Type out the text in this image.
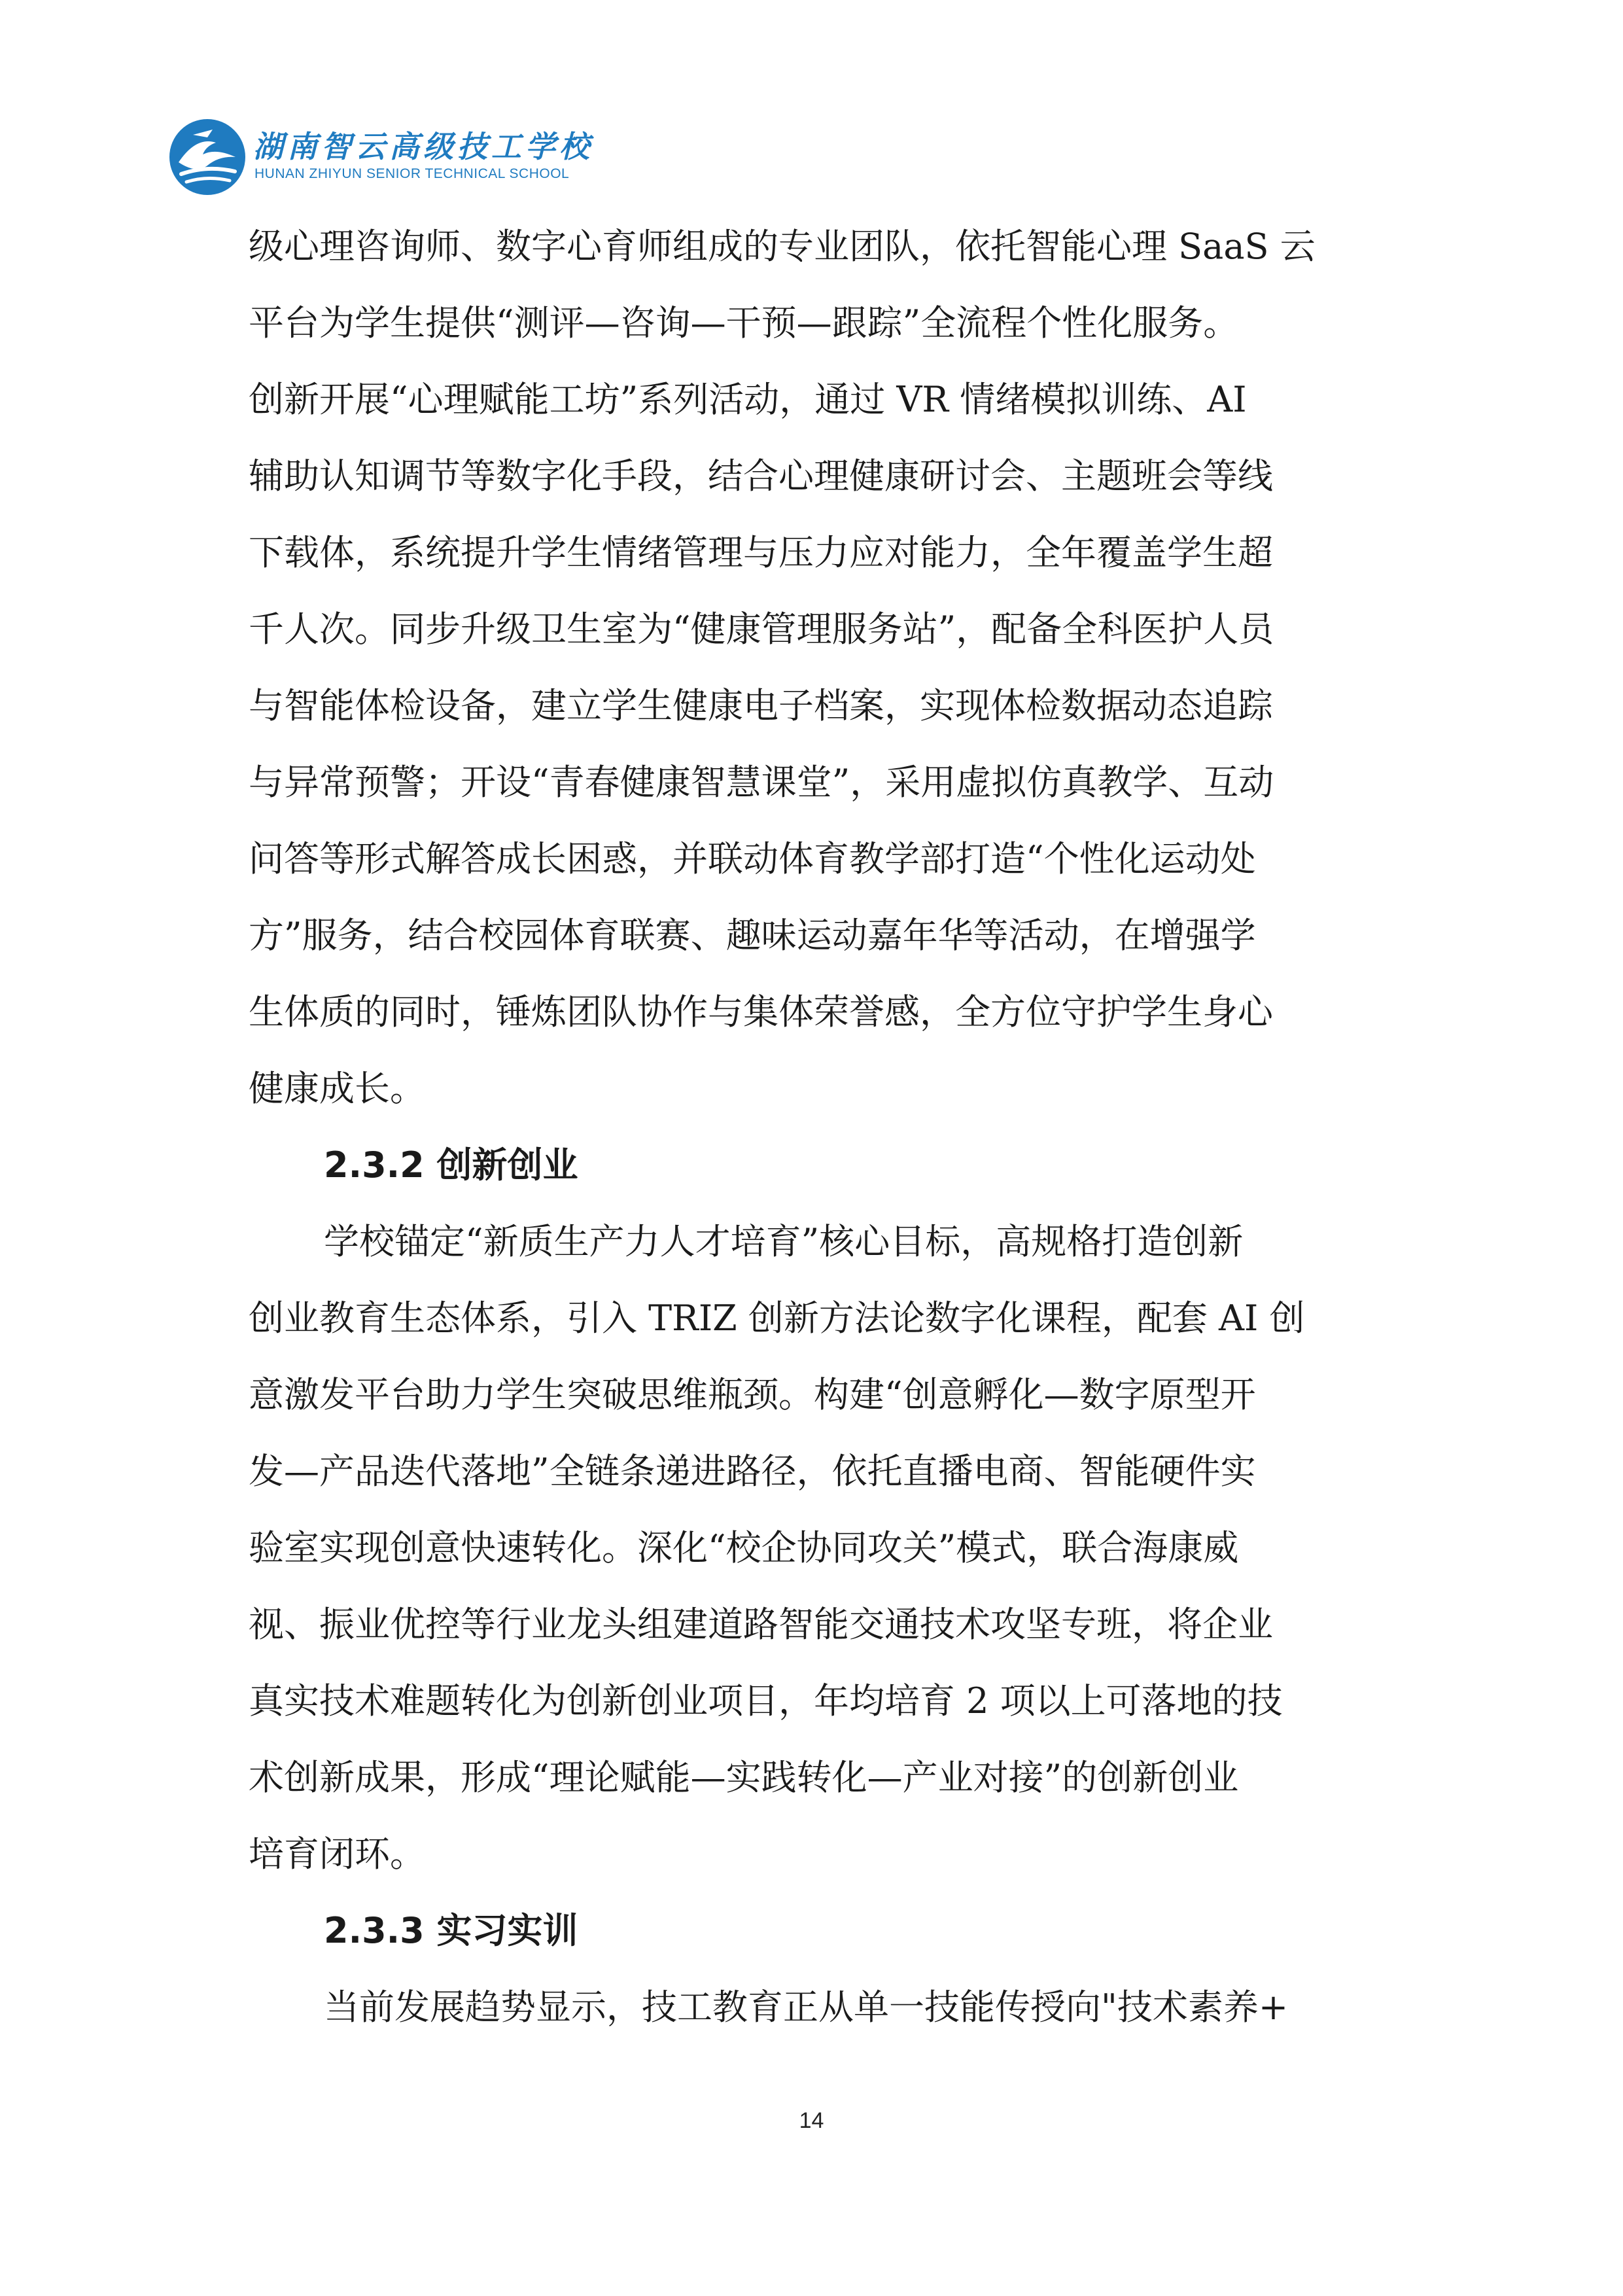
湖南智云高级技工学校
HUNAN ZHIYUN SENIOR TECHNICAL SCHOOL
级心理咨询师、数字心育师组成的专业团队，依托智能心理 SaaS 云
平台为学生提供“测评—咨询—干预—跟踪”全流程个性化服务。
创新开展“心理赋能工坊”系列活动，通过 VR 情绪模拟训练、AI
辅助认知调节等数字化手段，结合心理健康研讨会、主题班会等线
下载体，系统提升学生情绪管理与压力应对能力，全年覆盖学生超
千人次。同步升级卫生室为“健康管理服务站”，配备全科医护人员
与智能体检设备，建立学生健康电子档案，实现体检数据动态追踪
与异常预警；开设“青春健康智慧课堂”，采用虚拟仿真教学、互动
问答等形式解答成长困惑，并联动体育教学部打造“个性化运动处
方”服务，结合校园体育联赛、趣味运动嘉年华等活动，在增强学
生体质的同时，锤炼团队协作与集体荣誉感，全方位守护学生身心
健康成长。
2.3.2 创新创业
学校锚定“新质生产力人才培育”核心目标，高规格打造创新
创业教育生态体系，引入 TRIZ 创新方法论数字化课程，配套 AI 创
意激发平台助力学生突破思维瓶颈。构建“创意孵化—数字原型开
发—产品迭代落地”全链条递进路径，依托直播电商、智能硬件实
验室实现创意快速转化。深化“校企协同攻关”模式，联合海康威
视、振业优控等行业龙头组建道路智能交通技术攻坚专班，将企业
真实技术难题转化为创新创业项目，年均培育 2 项以上可落地的技
术创新成果，形成“理论赋能—实践转化—产业对接”的创新创业
培育闭环。
2.3.3 实习实训
当前发展趋势显示，技工教育正从单一技能传授向"技术素养+
14
